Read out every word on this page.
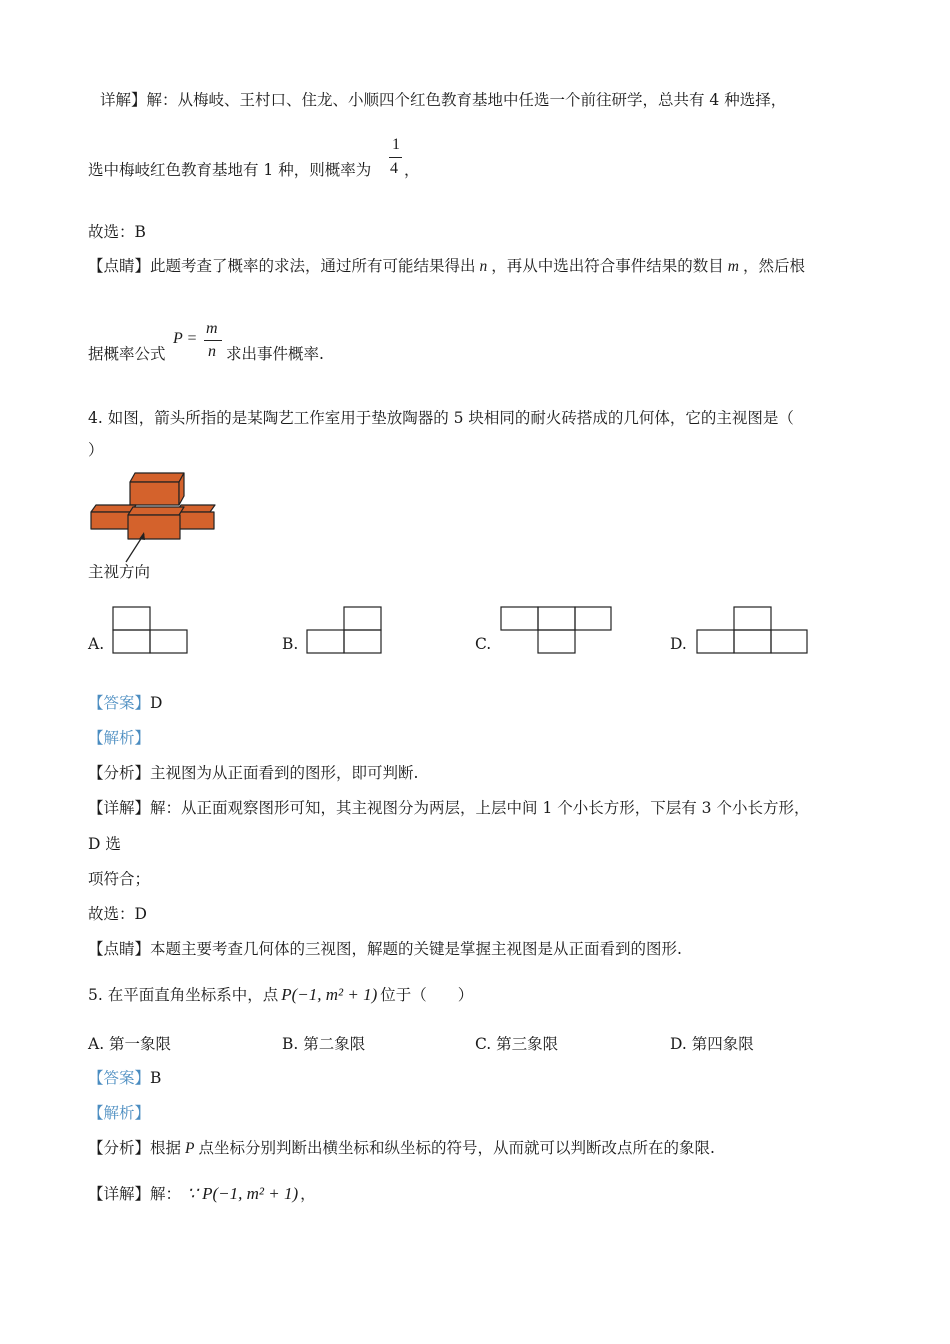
详解】解：从梅岐、王村口、住龙、小顺四个红色教育基地中任选一个前往研学，总共有 4 种选择，
选中梅岐红色教育基地有 1 种，则概率为
1
4 ，
故选：B
【点睛】此题考查了概率的求法，通过所有可能结果得出 n ，再从中选出符合事件结果的数目 m ，然后根
据概率公式
P =
m
n 求出事件概率.
4. 如图，箭头所指的是某陶艺工作室用于垫放陶器的 5 块相同的耐火砖搭成的几何体，它的主视图是（
）
主视方向
A.	B.	C.	D.
【答案】D
【解析】
【分析】主视图为从正面看到的图形，即可判断.
【详解】解：从正面观察图形可知，其主视图分为两层，上层中间 1 个小长方形，下层有 3 个小长方形，
D 选
项符合；
故选：D
【点睛】本题主要考查几何体的三视图，解题的关键是掌握主视图是从正面看到的图形.
5. 在平面直角坐标系中，点 P(−1, m² + 1) 位于（　　）
A. 第一象限	B. 第二象限	C. 第三象限	D. 第四象限
【答案】B
【解析】
【分析】根据 P 点坐标分别判断出横坐标和纵坐标的符号，从而就可以判断改点所在的象限.
【详解】解： ∵ P(−1, m² + 1) ，
